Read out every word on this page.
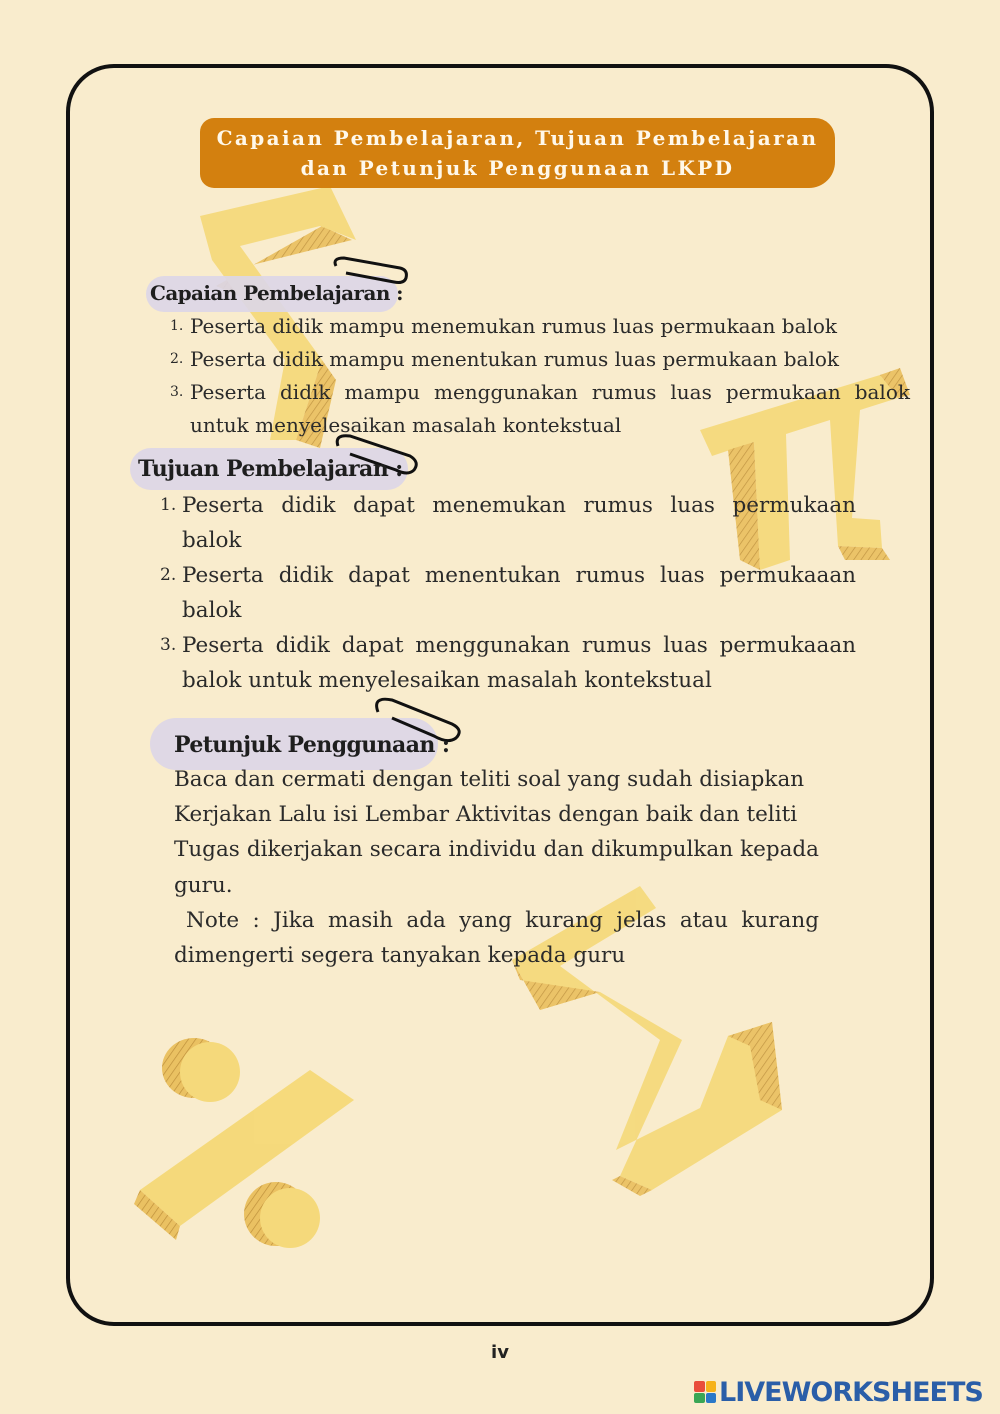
Capaian Pembelajaran, Tujuan Pembelajaran
dan Petunjuk Penggunaan LKPD
Capaian Pembelajaran :
1. Peserta didik mampu menemukan rumus luas permukaan balok
2. Peserta didik mampu menentukan rumus luas permukaan balok
3. Peserta didik mampu menggunakan rumus luas permukaan balok untuk menyelesaikan masalah kontekstual
Tujuan Pembelajaran :
1. Peserta didik dapat menemukan rumus luas permukaan balok
2. Peserta didik dapat menentukan rumus luas permukaaan balok
3. Peserta didik dapat menggunakan rumus luas permukaaan balok untuk menyelesaikan masalah kontekstual
Petunjuk Penggunaan :

Baca dan cermati dengan teliti soal yang sudah disiapkan

Kerjakan Lalu isi Lembar Aktivitas dengan baik dan teliti

Tugas dikerjakan secara individu dan dikumpulkan kepada guru.

Note : Jika masih ada yang kurang jelas atau kurang dimengerti segera tanyakan kepada guru

iv
LIVEWORKSHEETS
